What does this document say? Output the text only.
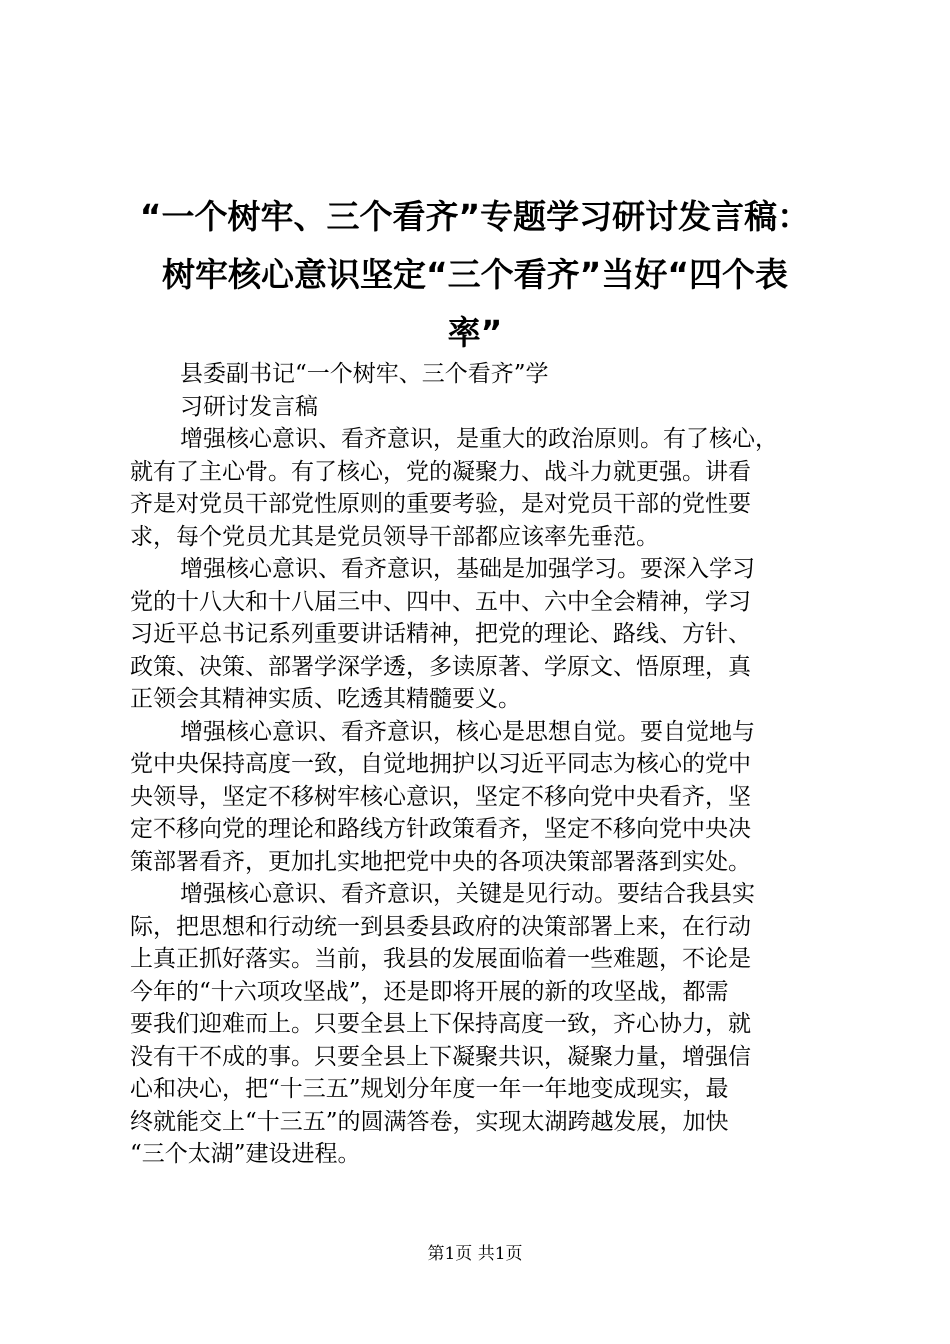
“一个树牢、三个看齐”专题学习研讨发言稿：
树牢核心意识坚定“三个看齐”当好“四个表
率”
县委副书记“一个树牢、三个看齐”学
习研讨发言稿
增强核心意识、看齐意识，是重大的政治原则。有了核心，
就有了主心骨。有了核心，党的凝聚力、战斗力就更强。讲看
齐是对党员干部党性原则的重要考验，是对党员干部的党性要
求，每个党员尤其是党员领导干部都应该率先垂范。
增强核心意识、看齐意识，基础是加强学习。要深入学习
党的十八大和十八届三中、四中、五中、六中全会精神，学习
习近平总书记系列重要讲话精神，把党的理论、路线、方针、
政策、决策、部署学深学透，多读原著、学原文、悟原理，真
正领会其精神实质、吃透其精髓要义。
增强核心意识、看齐意识，核心是思想自觉。要自觉地与
党中央保持高度一致，自觉地拥护以习近平同志为核心的党中
央领导，坚定不移树牢核心意识，坚定不移向党中央看齐，坚
定不移向党的理论和路线方针政策看齐，坚定不移向党中央决
策部署看齐，更加扎实地把党中央的各项决策部署落到实处。
增强核心意识、看齐意识，关键是见行动。要结合我县实
际，把思想和行动统一到县委县政府的决策部署上来，在行动
上真正抓好落实。当前，我县的发展面临着一些难题，不论是
今年的“十六项攻坚战”，还是即将开展的新的攻坚战，都需
要我们迎难而上。只要全县上下保持高度一致，齐心协力，就
没有干不成的事。只要全县上下凝聚共识，凝聚力量，增强信
心和决心，把“十三五”规划分年度一年一年地变成现实，最
终就能交上“十三五”的圆满答卷，实现太湖跨越发展，加快
“三个太湖”建设进程。
第1页 共1页
